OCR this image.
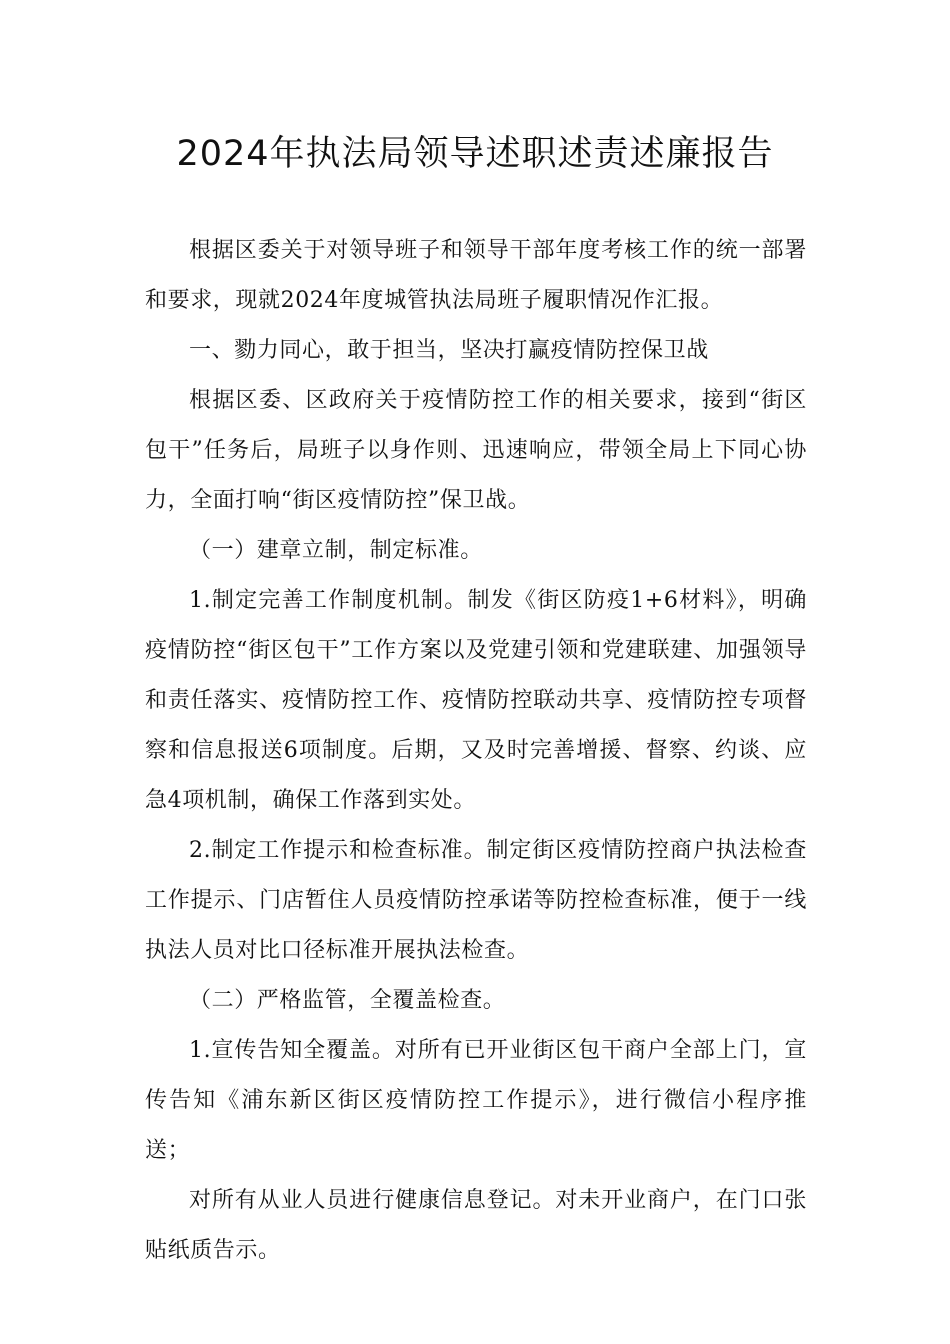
2024年执法局领导述职述责述廉报告

根据区委关于对领导班子和领导干部年度考核工作的统一部署和要求，现就2024年度城管执法局班子履职情况作汇报。

一、勠力同心，敢于担当，坚决打赢疫情防控保卫战

根据区委、区政府关于疫情防控工作的相关要求，接到“街区包干”任务后，局班子以身作则、迅速响应，带领全局上下同心协力，全面打响“街区疫情防控”保卫战。

（一）建章立制，制定标准。

1.制定完善工作制度机制。制发《街区防疫1+6材料》，明确疫情防控“街区包干”工作方案以及党建引领和党建联建、加强领导和责任落实、疫情防控工作、疫情防控联动共享、疫情防控专项督察和信息报送6项制度。后期，又及时完善增援、督察、约谈、应急4项机制，确保工作落到实处。

2.制定工作提示和检查标准。制定街区疫情防控商户执法检查工作提示、门店暂住人员疫情防控承诺等防控检查标准，便于一线执法人员对比口径标准开展执法检查。

（二）严格监管，全覆盖检查。

1.宣传告知全覆盖。对所有已开业街区包干商户全部上门，宣传告知《浦东新区街区疫情防控工作提示》，进行微信小程序推送；

对所有从业人员进行健康信息登记。对未开业商户，在门口张贴纸质告示。
